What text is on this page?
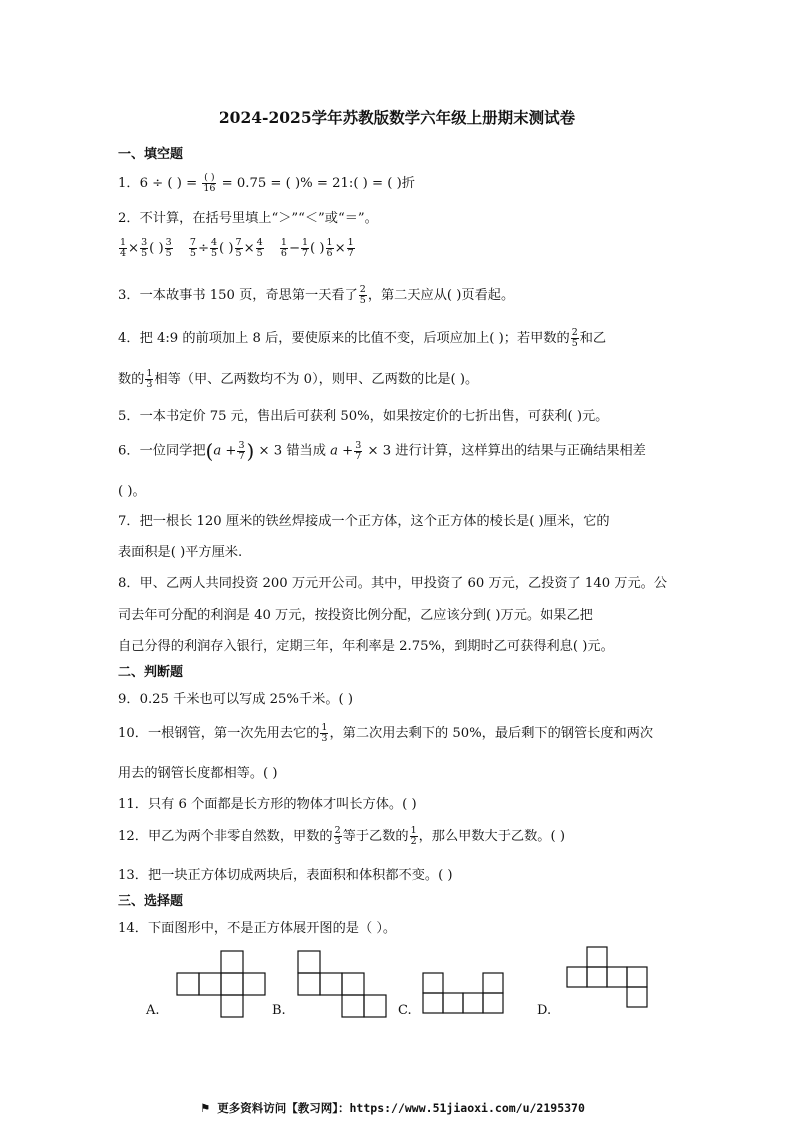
2024-2025学年苏教版数学六年级上册期末测试卷
一、填空题
1．6 ÷ ( ) = $\frac{( )}{16} = 0.75$ = ( )% = 21:( ) = ( )折
2．不计算，在括号里填上“＞”“＜”或“＝”。
$\frac{1}{4} \times \frac{3}{5}$ ( ) $\frac{3}{5}$
$\frac{7}{5} \div \frac{4}{5}$ ( ) $\frac{7}{5} \times \frac{4}{5}$
$\frac{1}{6} - \frac{1}{7}$ ( ) $\frac{1}{6} \times \frac{1}{7}$
3．一本故事书 150 页，奇思第一天看了 $\frac{2}{5}$ ，第二天应从( )页看起。
4．把 4:9 的前项加上 8 后，要使原来的比值不变，后项应加上( )；若甲数的 $\frac{2}{5}$ 和乙
数的 $\frac{1}{3}$ 相等（甲、乙两数均不为 0），则甲、乙两数的比是( )。
5．一本书定价 75 元，售出后可获利 50%，如果按定价的七折出售，可获利( )元。
6．一位同学把($a + \frac{3}{7}$ ) × 3 错当成 $a + \frac{3}{7} \times 3$ 进行计算，这样算出的结果与正确结果相差
( )。
7．把一根长 120 厘米的铁丝焊接成一个正方体，这个正方体的棱长是( )厘米，它的
表面积是( )平方厘米.
8．甲、乙两人共同投资 200 万元开公司。其中，甲投资了 60 万元，乙投资了 140 万元。公
司去年可分配的利润是 40 万元，按投资比例分配，乙应该分到( )万元。如果乙把
自己分得的利润存入银行，定期三年，年利率是 2.75%，到期时乙可获得利息( )元。
二、判断题
9．0.25 千米也可以写成 25%千米。( )
10．一根钢管，第一次先用去它的 $\frac{1}{3}$ ，第二次用去剩下的 50%，最后剩下的钢管长度和两次
用去的钢管长度都相等。( )
11．只有 6 个面都是长方形的物体才叫长方体。( )
12．甲乙为两个非零自然数，甲数的 $\frac{2}{3}$ 等于乙数的 $\frac{1}{2}$ ，那么甲数大于乙数。( )
13．把一块正方体切成两块后，表面积和体积都不变。( )
三、选择题
14．下面图形中，不是正方体展开图的是（ ）。
A.	B.	C.	D.
⚑ 更多资料访问【教习网】：https://www.51jiaoxi.com/u/2195370
